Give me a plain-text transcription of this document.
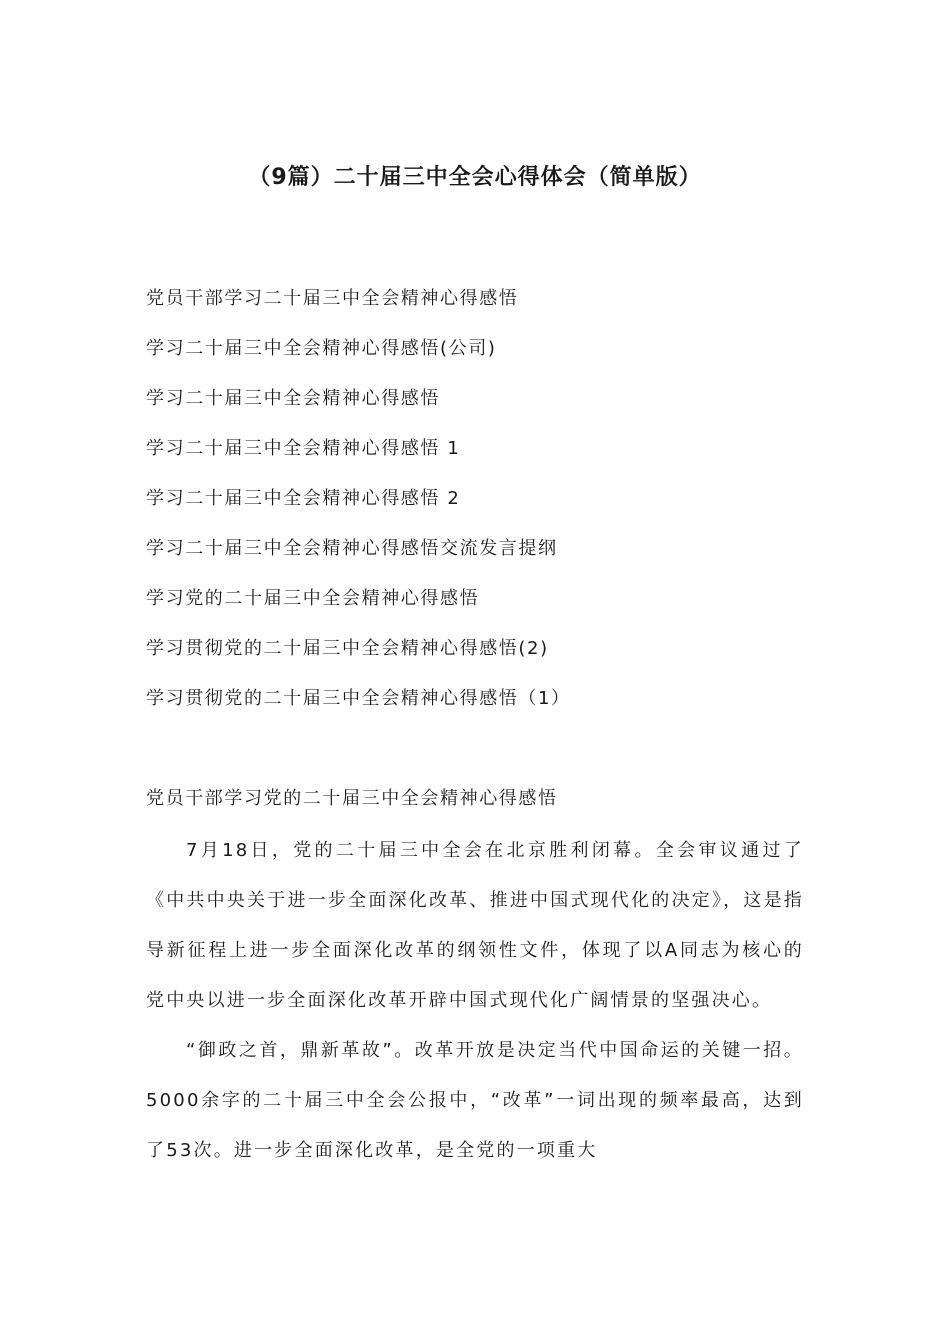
（9篇）二十届三中全会心得体会（简单版）
党员干部学习二十届三中全会精神心得感悟
学习二十届三中全会精神心得感悟(公司)
学习二十届三中全会精神心得感悟
学习二十届三中全会精神心得感悟 1
学习二十届三中全会精神心得感悟 2
学习二十届三中全会精神心得感悟交流发言提纲
学习党的二十届三中全会精神心得感悟
学习贯彻党的二十届三中全会精神心得感悟(2)
学习贯彻党的二十届三中全会精神心得感悟（1）
党员干部学习党的二十届三中全会精神心得感悟

7月18日，党的二十届三中全会在北京胜利闭幕。全会审议通过了《中共中央关于进一步全面深化改革、推进中国式现代化的决定》，这是指导新征程上进一步全面深化改革的纲领性文件，体现了以A同志为核心的党中央以进一步全面深化改革开辟中国式现代化广阔情景的坚强决心。

“御政之首，鼎新革故”。改革开放是决定当代中国命运的关键一招。5000余字的二十届三中全会公报中，“改革”一词出现的频率最高，达到了53次。进一步全面深化改革，是全党的一项重大
